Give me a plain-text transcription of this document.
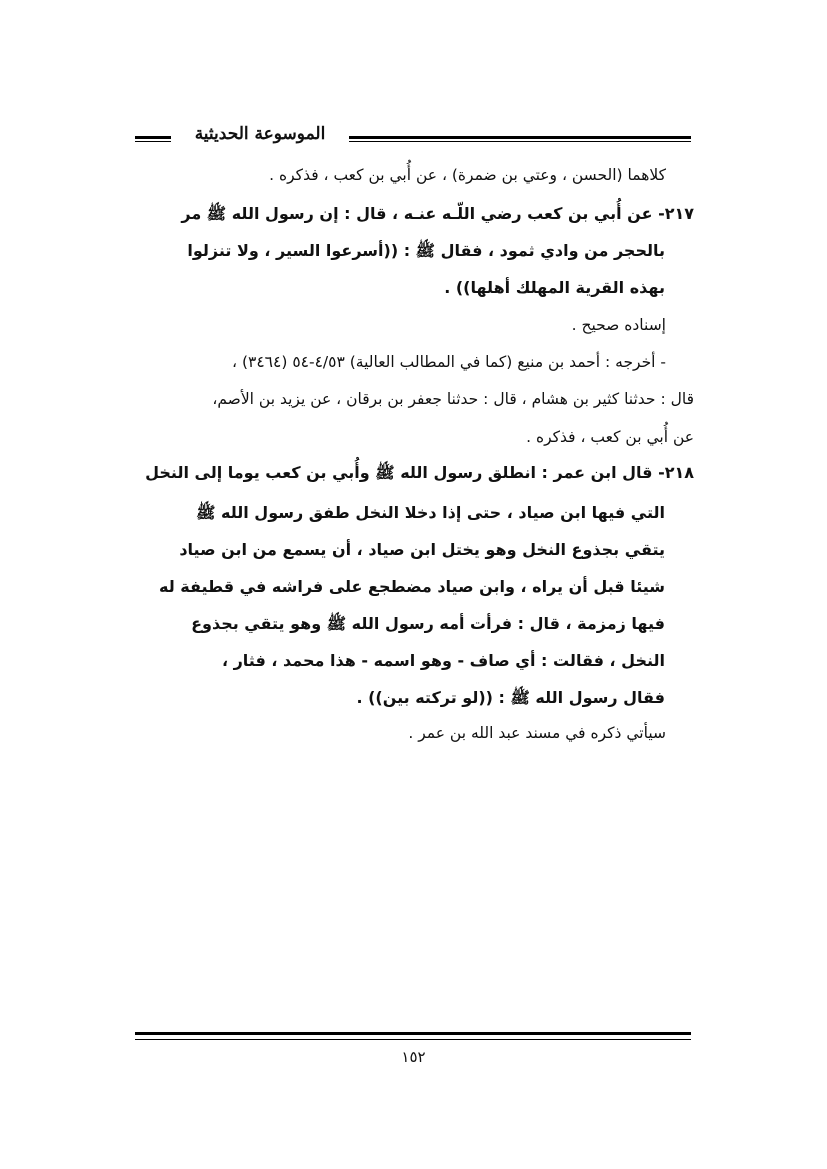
الموسوعة الحديثية
كلاهما (الحسن ، وعتي بن ضمرة) ، عن أُبي بن كعب ، فذكره .
٢١٧- عن أُبي بن كعب رضي اللّـه عنـه ، قال : إن رسول الله ﷺ مر
بالحجر من وادي ثمود ، فقال ﷺ : ((أسرعوا السير ، ولا تنزلوا
بهذه القرية المهلك أهلها)) .
إسناده صحيح .
- أخرجه : أحمد بن منيع (كما في المطالب العالية) ٤/٥٣-٥٤ (٣٤٦٤) ،
قال : حدثنا كثير بن هشام ، قال : حدثنا جعفر بن برقان ، عن يزيد بن الأصم،
عن أُبي بن كعب ، فذكره .
٢١٨- قال ابن عمر : انطلق رسول الله ﷺ وأُبي بن كعب يوما إلى النخل
التي فيها ابن صياد ، حتى إذا دخلا النخل طفق رسول الله ﷺ
يتقي بجذوع النخل وهو يختل ابن صياد ، أن يسمع من ابن صياد
شيئا قبل أن يراه ، وابن صياد مضطجع على فراشه في قطيفة له
فيها زمزمة ، قال : فرأت أمه رسول الله ﷺ وهو يتقي بجذوع
النخل ، فقالت : أي صاف - وهو اسمه - هذا محمد ، فثار ،
فقال رسول الله ﷺ : ((لو تركته بين)) .
سيأتي ذكره في مسند عبد الله بن عمر .
١٥٢
